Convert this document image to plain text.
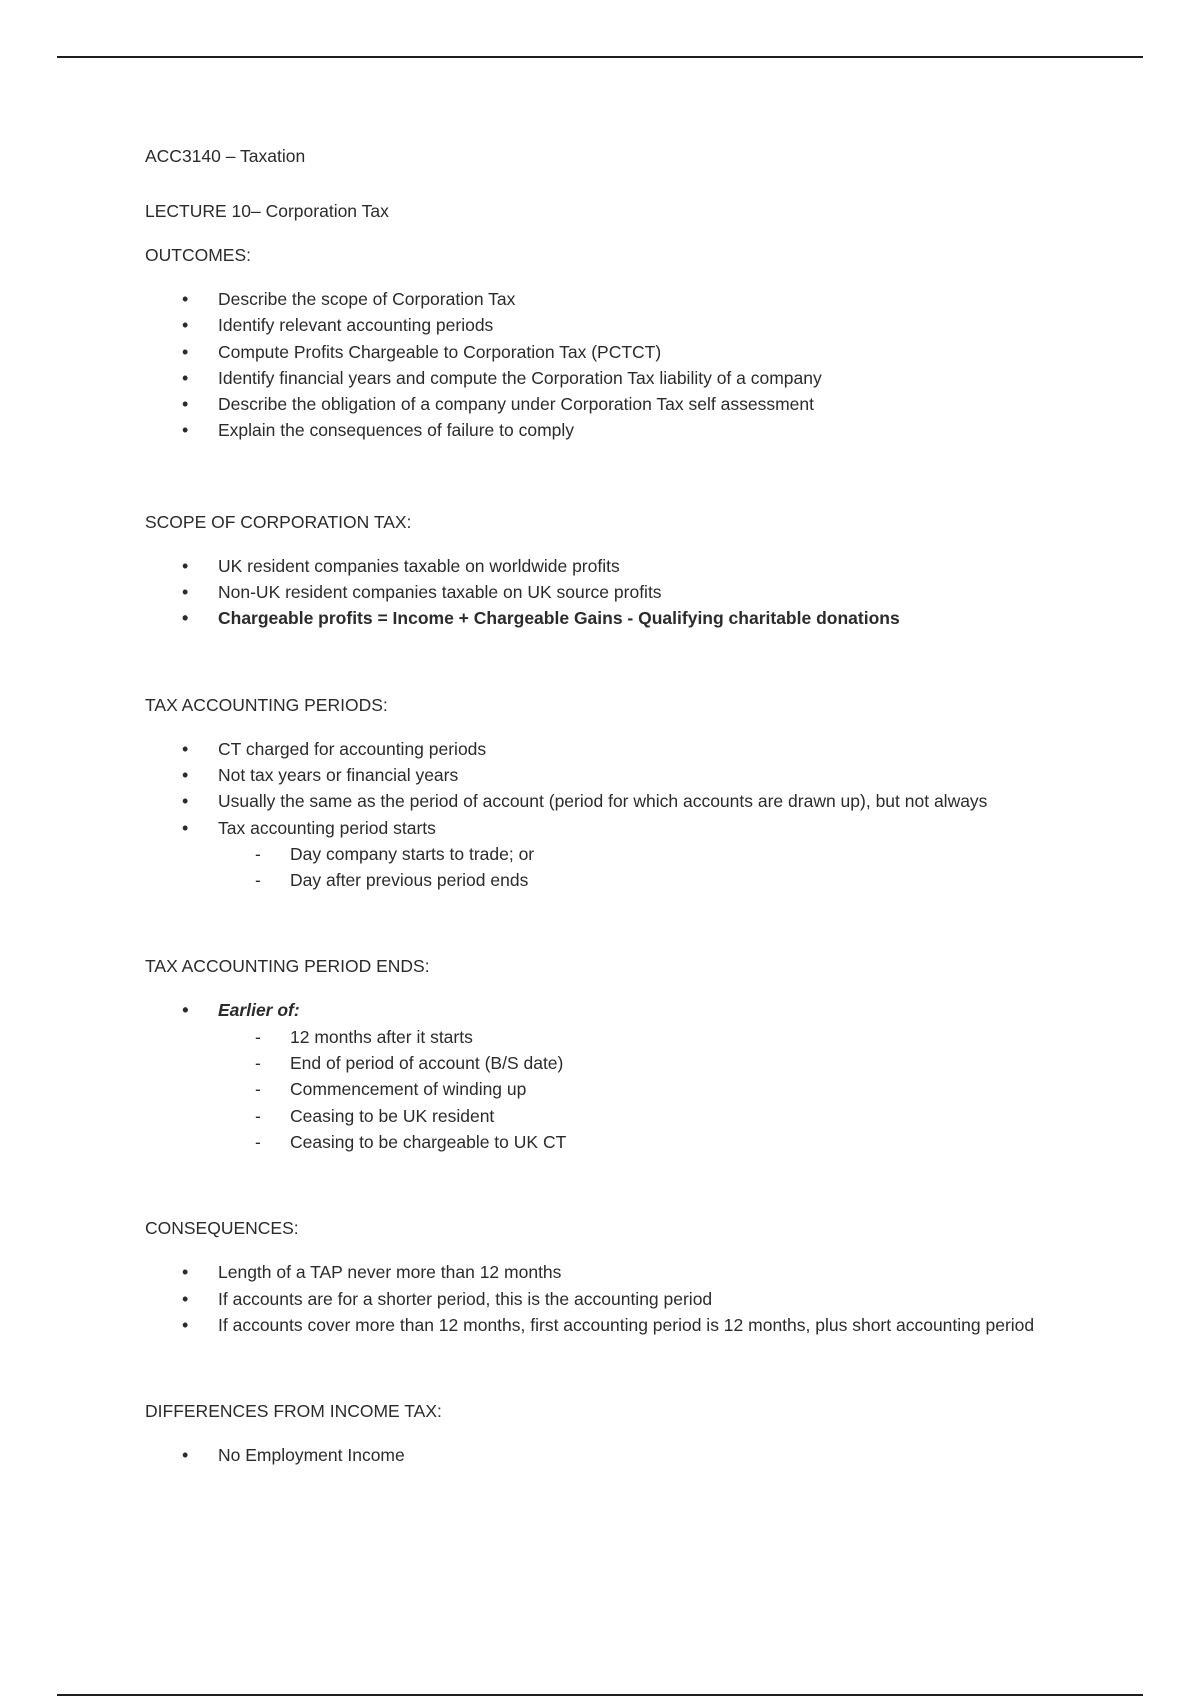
ACC3140 – Taxation
LECTURE 10– Corporation Tax
OUTCOMES:
• Describe the scope of Corporation Tax
• Identify relevant accounting periods
• Compute Profits Chargeable to Corporation Tax (PCTCT)
• Identify financial years and compute the Corporation Tax liability of a company
• Describe the obligation of a company under Corporation Tax self assessment
• Explain the consequences of failure to comply
SCOPE OF CORPORATION TAX:
• UK resident companies taxable on worldwide profits
• Non-UK resident companies taxable on UK source profits
• Chargeable profits = Income + Chargeable Gains - Qualifying charitable donations
TAX ACCOUNTING PERIODS:
• CT charged for accounting periods
• Not tax years or financial years
• Usually the same as the period of account (period for which accounts are drawn up), but not always
• Tax accounting period starts
- Day company starts to trade; or
- Day after previous period ends
TAX ACCOUNTING PERIOD ENDS:
• Earlier of:
- 12 months after it starts
- End of period of account (B/S date)
- Commencement of winding up
- Ceasing to be UK resident
- Ceasing to be chargeable to UK CT
CONSEQUENCES:
• Length of a TAP never more than 12 months
• If accounts are for a shorter period, this is the accounting period
• If accounts cover more than 12 months, first accounting period is 12 months, plus short accounting period
DIFFERENCES FROM INCOME TAX:
• No Employment Income
